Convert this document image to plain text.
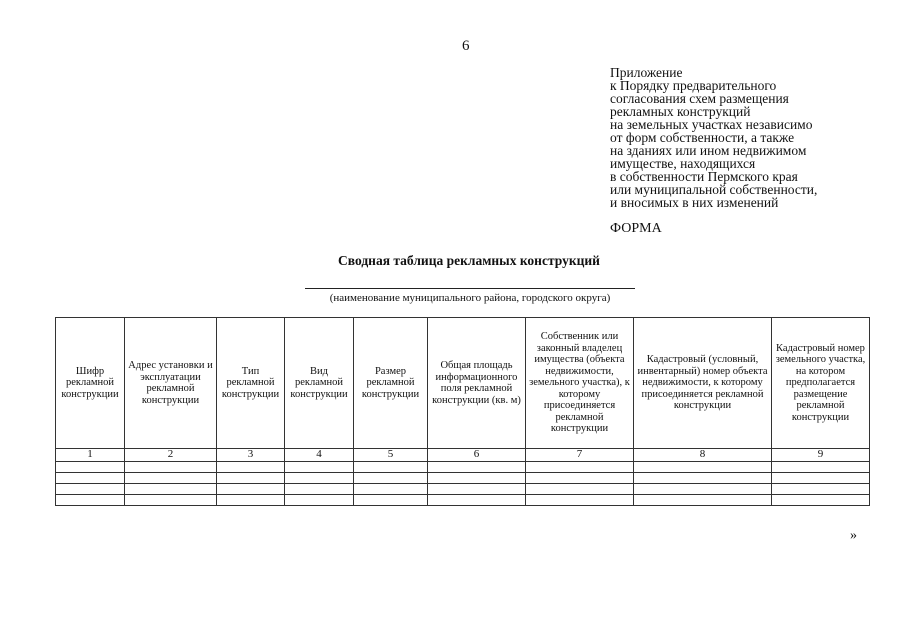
6
Приложение
к Порядку предварительного
согласования схем размещения
рекламных конструкций
на земельных участках независимо
от форм собственности, а также
на зданиях или ином недвижимом
имуществе, находящихся
в собственности Пермского края
или муниципальной собственности,
и вносимых в них изменений
ФОРМА
Сводная таблица рекламных конструкций
(наименование муниципального района, городского округа)
Шифр рекламной конструкции	Адрес установки и эксплуатации рекламной конструкции	Тип рекламной конструкции	Вид рекламной конструкции	Размер рекламной конструкции	Общая площадь информационного поля рекламной конструкции (кв. м)	Собственник или законный владелец имущества (объекта недвижимости, земельного участка), к которому присоединяется рекламной конструкции	Кадастровый (условный, инвентарный) номер объекта недвижимости, к которому присоединяется рекламной конструкции	Кадастровый номер земельного участка, на котором предполагается размещение рекламной конструкции
1	2	3	4	5	6	7	8	9

»
